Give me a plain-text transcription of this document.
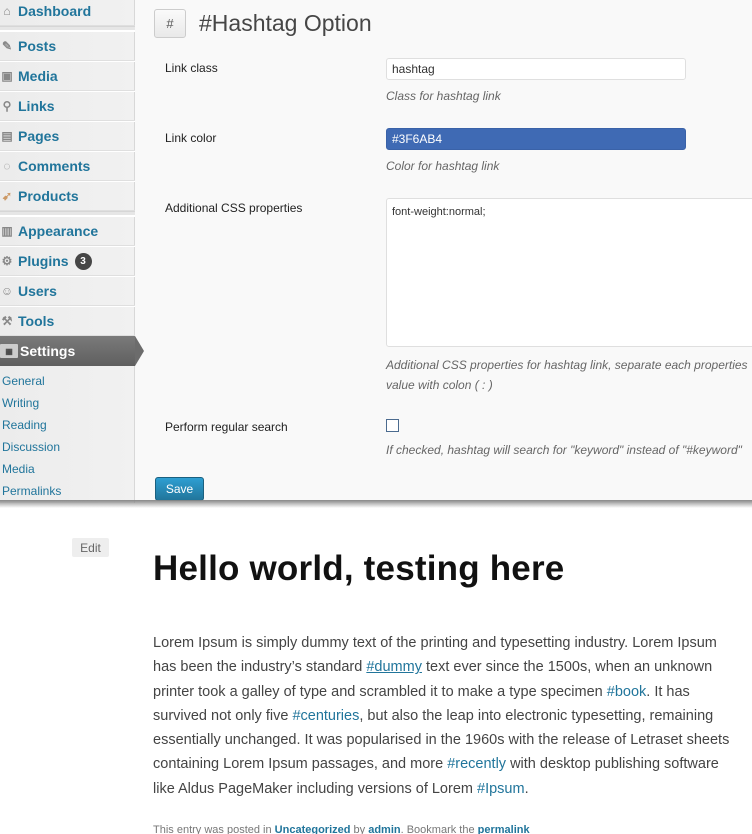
⌂ Dashboard
✎ Posts
▣ Media
⚲ Links
▤ Pages
◌ Comments
➹ Products
▥ Appearance
⚙ Plugins	3
☺ Users
⚒ Tools
▦ Settings
General
Writing
Reading
Discussion
Media
Permalinks
#	#Hashtag Option
Link class
hashtag
Class for hashtag link
Link color
#3F6AB4
Color for hashtag link
Additional CSS properties
font-weight:normal;
Additional CSS properties for hashtag link, separate each properties
value with colon ( : )
Perform regular search
If checked, hashtag will search for "keyword" instead of "#keyword"
Save
Edit
Hello world, testing here
Lorem Ipsum is simply dummy text of the printing and typesetting industry. Lorem Ipsum
has been the industry’s standard #dummy text ever since the 1500s, when an unknown
printer took a galley of type and scrambled it to make a type specimen #book. It has
survived not only five #centuries, but also the leap into electronic typesetting, remaining
essentially unchanged. It was popularised in the 1960s with the release of Letraset sheets
containing Lorem Ipsum passages, and more #recently with desktop publishing software
like Aldus PageMaker including versions of Lorem #Ipsum.
This entry was posted in Uncategorized by admin. Bookmark the permalink
